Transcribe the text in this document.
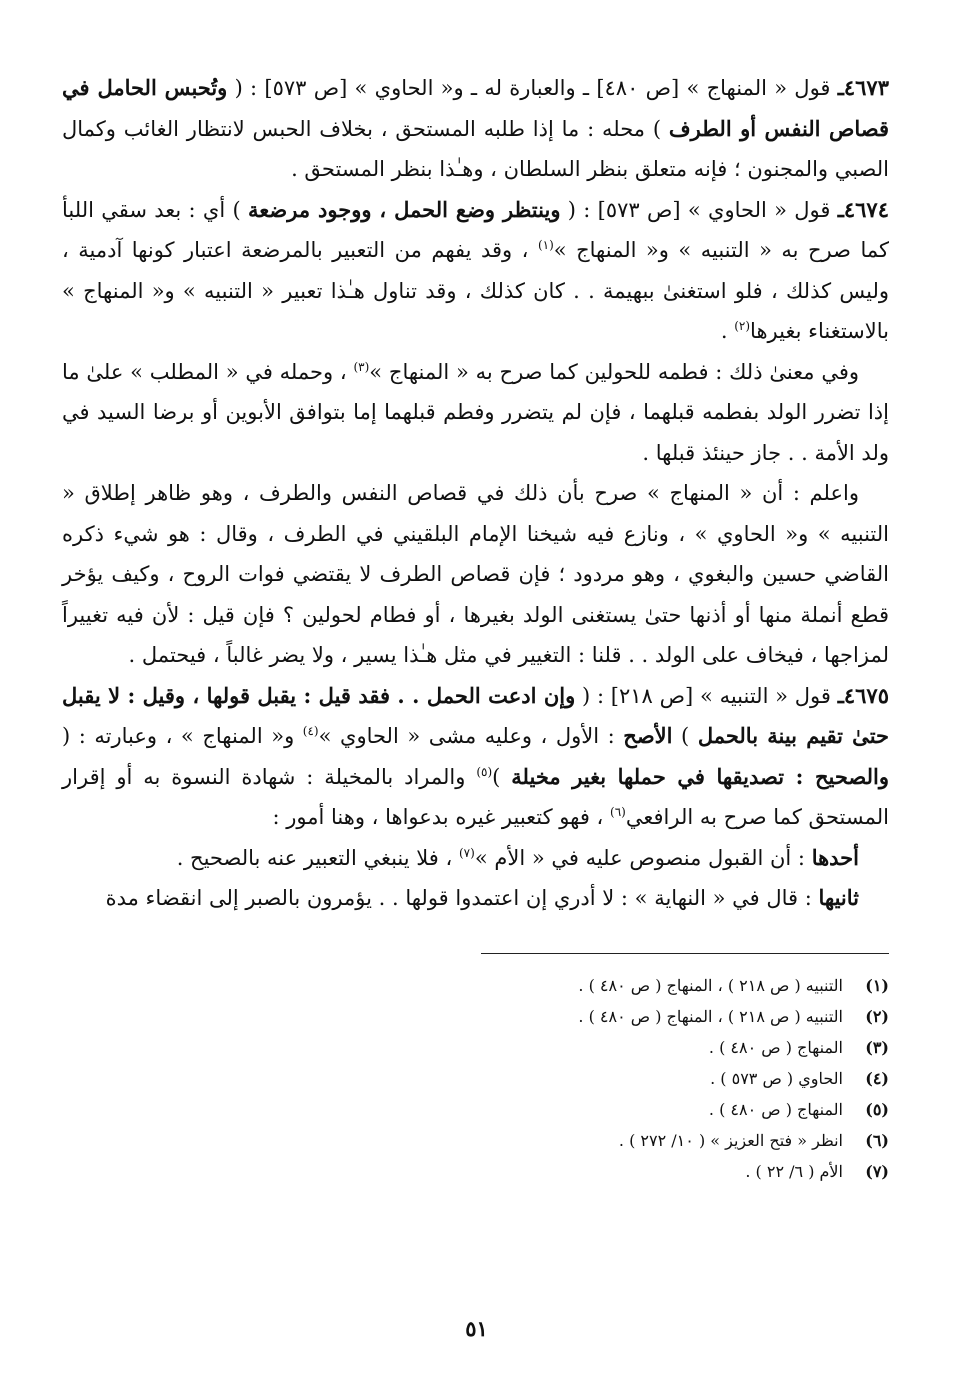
٤٦٧٣ـ قول « المنهاج » [ص ٤٨٠] ـ والعبارة له ـ و« الحاوي » [ص ٥٧٣] : ( وتُحبس الحامل في قصاص النفس أو الطرف ) محله : ما إذا طلبه المستحق ، بخلاف الحبس لانتظار الغائب وكمال الصبي والمجنون ؛ فإنه متعلق بنظر السلطان ، وهـٰذا بنظر المستحق .

٤٦٧٤ـ قول « الحاوي » [ص ٥٧٣] : ( وينتظر وضع الحمل ، ووجود مرضعة ) أي : بعد سقي اللبأ كما صرح به « التنبيه » و« المنهاج »$^{(١)}$ ، وقد يفهم من التعبير بالمرضعة اعتبار كونها آدمية ، وليس كذلك ، فلو استغنىٰ ببهيمة . . كان كذلك ، وقد تناول هـٰذا تعبير « التنبيه » و« المنهاج » بالاستغناء بغيرها$^{(٢)}$ .

وفي معنىٰ ذلك : فطمه للحولين كما صرح به « المنهاج »$^{(٣)}$ ، وحمله في « المطلب » علىٰ ما إذا تضرر الولد بفطمه قبلهما ، فإن لم يتضرر وفطم قبلهما إما بتوافق الأبوين أو برضا السيد في ولد الأمة . . جاز حينئذ قبلها .

واعلم : أن « المنهاج » صرح بأن ذلك في قصاص النفس والطرف ، وهو ظاهر إطلاق « التنبيه » و« الحاوي » ، ونازع فيه شيخنا الإمام البلقيني في الطرف ، وقال : هو شيء ذكره القاضي حسين والبغوي ، وهو مردود ؛ فإن قصاص الطرف لا يقتضي فوات الروح ، وكيف يؤخر قطع أنملة منها أو أذنها حتىٰ يستغنى الولد بغيرها ، أو فطام لحولين ؟ فإن قيل : لأن فيه تغييراً لمزاجها ، فيخاف على الولد . . قلنا : التغيير في مثل هـٰذا يسير ، ولا يضر غالباً ، فيحتمل .

٤٦٧٥ـ قول « التنبيه » [ص ٢١٨] : ( وإن ادعت الحمل . . فقد قيل : يقبل قولها ، وقيل : لا يقبل حتىٰ تقيم بينة بالحمل ) الأصح : الأول ، وعليه مشى « الحاوي »$^{(٤)}$ و« المنهاج » ، وعبارته : ( والصحيح : تصديقها في حملها بغير مخيلة )$^{(٥)}$ والمراد بالمخيلة : شهادة النسوة به أو إقرار المستحق كما صرح به الرافعي$^{(٦)}$ ، فهو كتعبير غيره بدعواها ، وهنا أمور :

أحدها : أن القبول منصوص عليه في « الأم »$^{(٧)}$ ، فلا ينبغي التعبير عنه بالصحيح .

ثانيها : قال في « النهاية » : لا أدري إن اعتمدوا قولها . . يؤمرون بالصبر إلى انقضاء مدة

(١)
التنبيه ( ص ٢١٨ ) ، المنهاج ( ص ٤٨٠ ) .

(٢)
التنبيه ( ص ٢١٨ ) ، المنهاج ( ص ٤٨٠ ) .

(٣)
المنهاج ( ص ٤٨٠ ) .

(٤)
الحاوي ( ص ٥٧٣ ) .

(٥)
المنهاج ( ص ٤٨٠ ) .

(٦)
انظر « فتح العزيز » ( ١٠/ ٢٧٢ ) .

(٧)
الأم ( ٦/ ٢٢ ) .

٥١
